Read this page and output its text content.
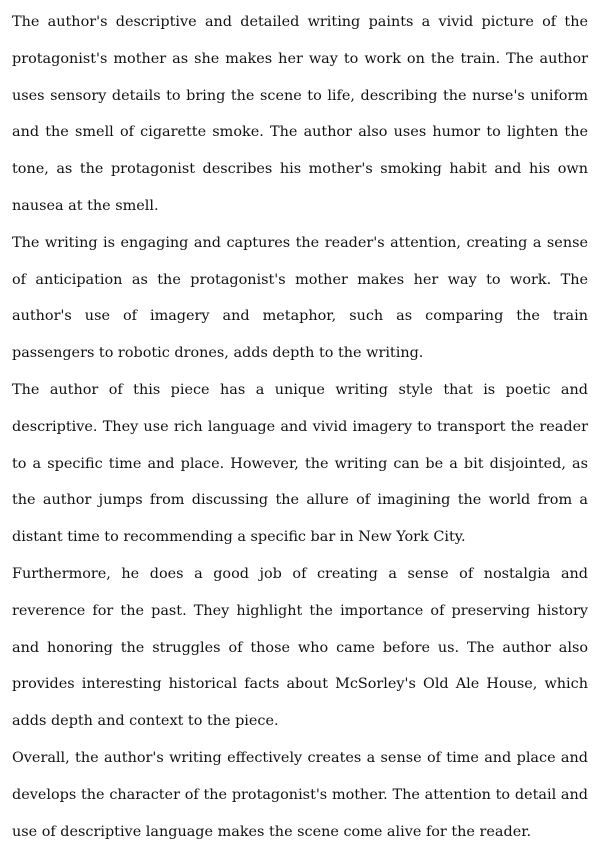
The author's descriptive and detailed writing paints a vivid picture of the protagonist's mother as she makes her way to work on the train. The author uses sensory details to bring the scene to life, describing the nurse's uniform and the smell of cigarette smoke. The author also uses humor to lighten the tone, as the protagonist describes his mother's smoking habit and his own nausea at the smell.

The writing is engaging and captures the reader's attention, creating a sense of anticipation as the protagonist's mother makes her way to work. The author's use of imagery and metaphor, such as comparing the train passengers to robotic drones, adds depth to the writing.

The author of this piece has a unique writing style that is poetic and descriptive. They use rich language and vivid imagery to transport the reader to a specific time and place. However, the writing can be a bit disjointed, as the author jumps from discussing the allure of imagining the world from a distant time to recommending a specific bar in New York City.

Furthermore, he does a good job of creating a sense of nostalgia and reverence for the past. They highlight the importance of preserving history and honoring the struggles of those who came before us. The author also provides interesting historical facts about McSorley's Old Ale House, which adds depth and context to the piece.

Overall, the author's writing effectively creates a sense of time and place and develops the character of the protagonist's mother. The attention to detail and use of descriptive language makes the scene come alive for the reader.
